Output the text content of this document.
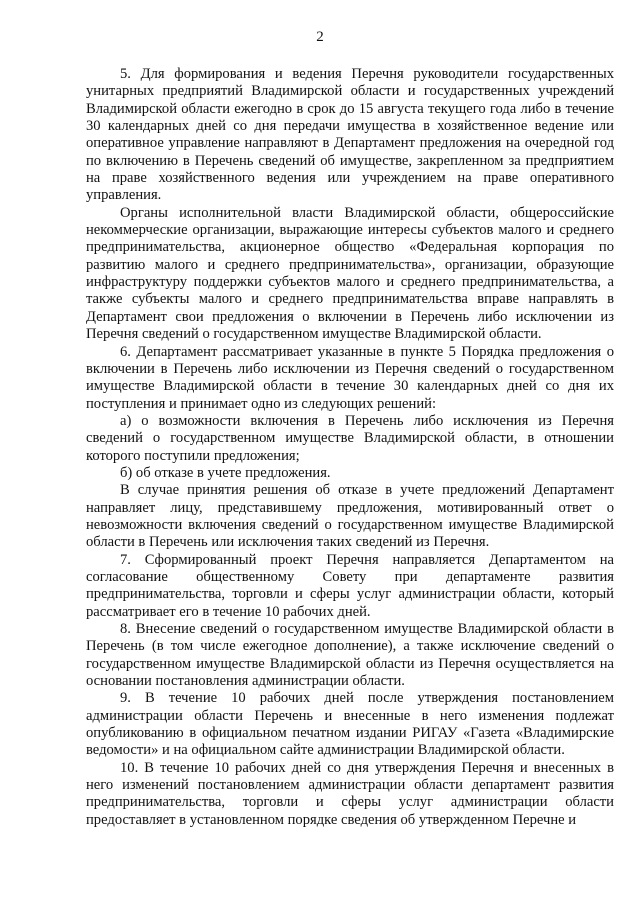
2

5. Для формирования и ведения Перечня руководители государственных унитарных предприятий Владимирской области и государственных учреждений Владимирской области ежегодно в срок до 15 августа текущего года либо в течение 30 календарных дней со дня передачи имущества в хозяйственное ведение или оперативное управление направляют в Департамент предложения на очередной год по включению в Перечень сведений об имуществе, закрепленном за предприятием на праве хозяйственного ведения или учреждением на праве оперативного управления.

Органы исполнительной власти Владимирской области, общероссийские некоммерческие организации, выражающие интересы субъектов малого и среднего предпринимательства, акционерное общество «Федеральная корпорация по развитию малого и среднего предпринимательства», организации, образующие инфраструктуру поддержки субъектов малого и среднего предпринимательства, а также субъекты малого и среднего предпринимательства вправе направлять в Департамент свои предложения о включении в Перечень либо исключении из Перечня сведений о государственном имуществе Владимирской области.

6. Департамент рассматривает указанные в пункте 5 Порядка предложения о включении в Перечень либо исключении из Перечня сведений о государственном имуществе Владимирской области в течение 30 календарных дней со дня их поступления и принимает одно из следующих решений:

а) о возможности включения в Перечень либо исключения из Перечня сведений о государственном имуществе Владимирской области, в отношении которого поступили предложения;

б) об отказе в учете предложения.

В случае принятия решения об отказе в учете предложений Департамент направляет лицу, представившему предложения, мотивированный ответ о невозможности включения сведений о государственном имуществе Владимирской области в Перечень или исключения таких сведений из Перечня.

7. Сформированный проект Перечня направляется Департаментом на согласование общественному Совету при департаменте развития предпринимательства, торговли и сферы услуг администрации области, который рассматривает его в течение 10 рабочих дней.

8. Внесение сведений о государственном имуществе Владимирской области в Перечень (в том числе ежегодное дополнение), а также исключение сведений о государственном имуществе Владимирской области из Перечня осуществляется на основании постановления администрации области.

9. В течение 10 рабочих дней после утверждения постановлением администрации области Перечень и внесенные в него изменения подлежат опубликованию в официальном печатном издании РИГАУ «Газета «Владимирские ведомости» и на официальном сайте администрации Владимирской области.

10. В течение 10 рабочих дней со дня утверждения Перечня и внесенных в него изменений постановлением администрации области департамент развития предпринимательства, торговли и сферы услуг администрации области предоставляет в установленном порядке сведения об утвержденном Перечне и
